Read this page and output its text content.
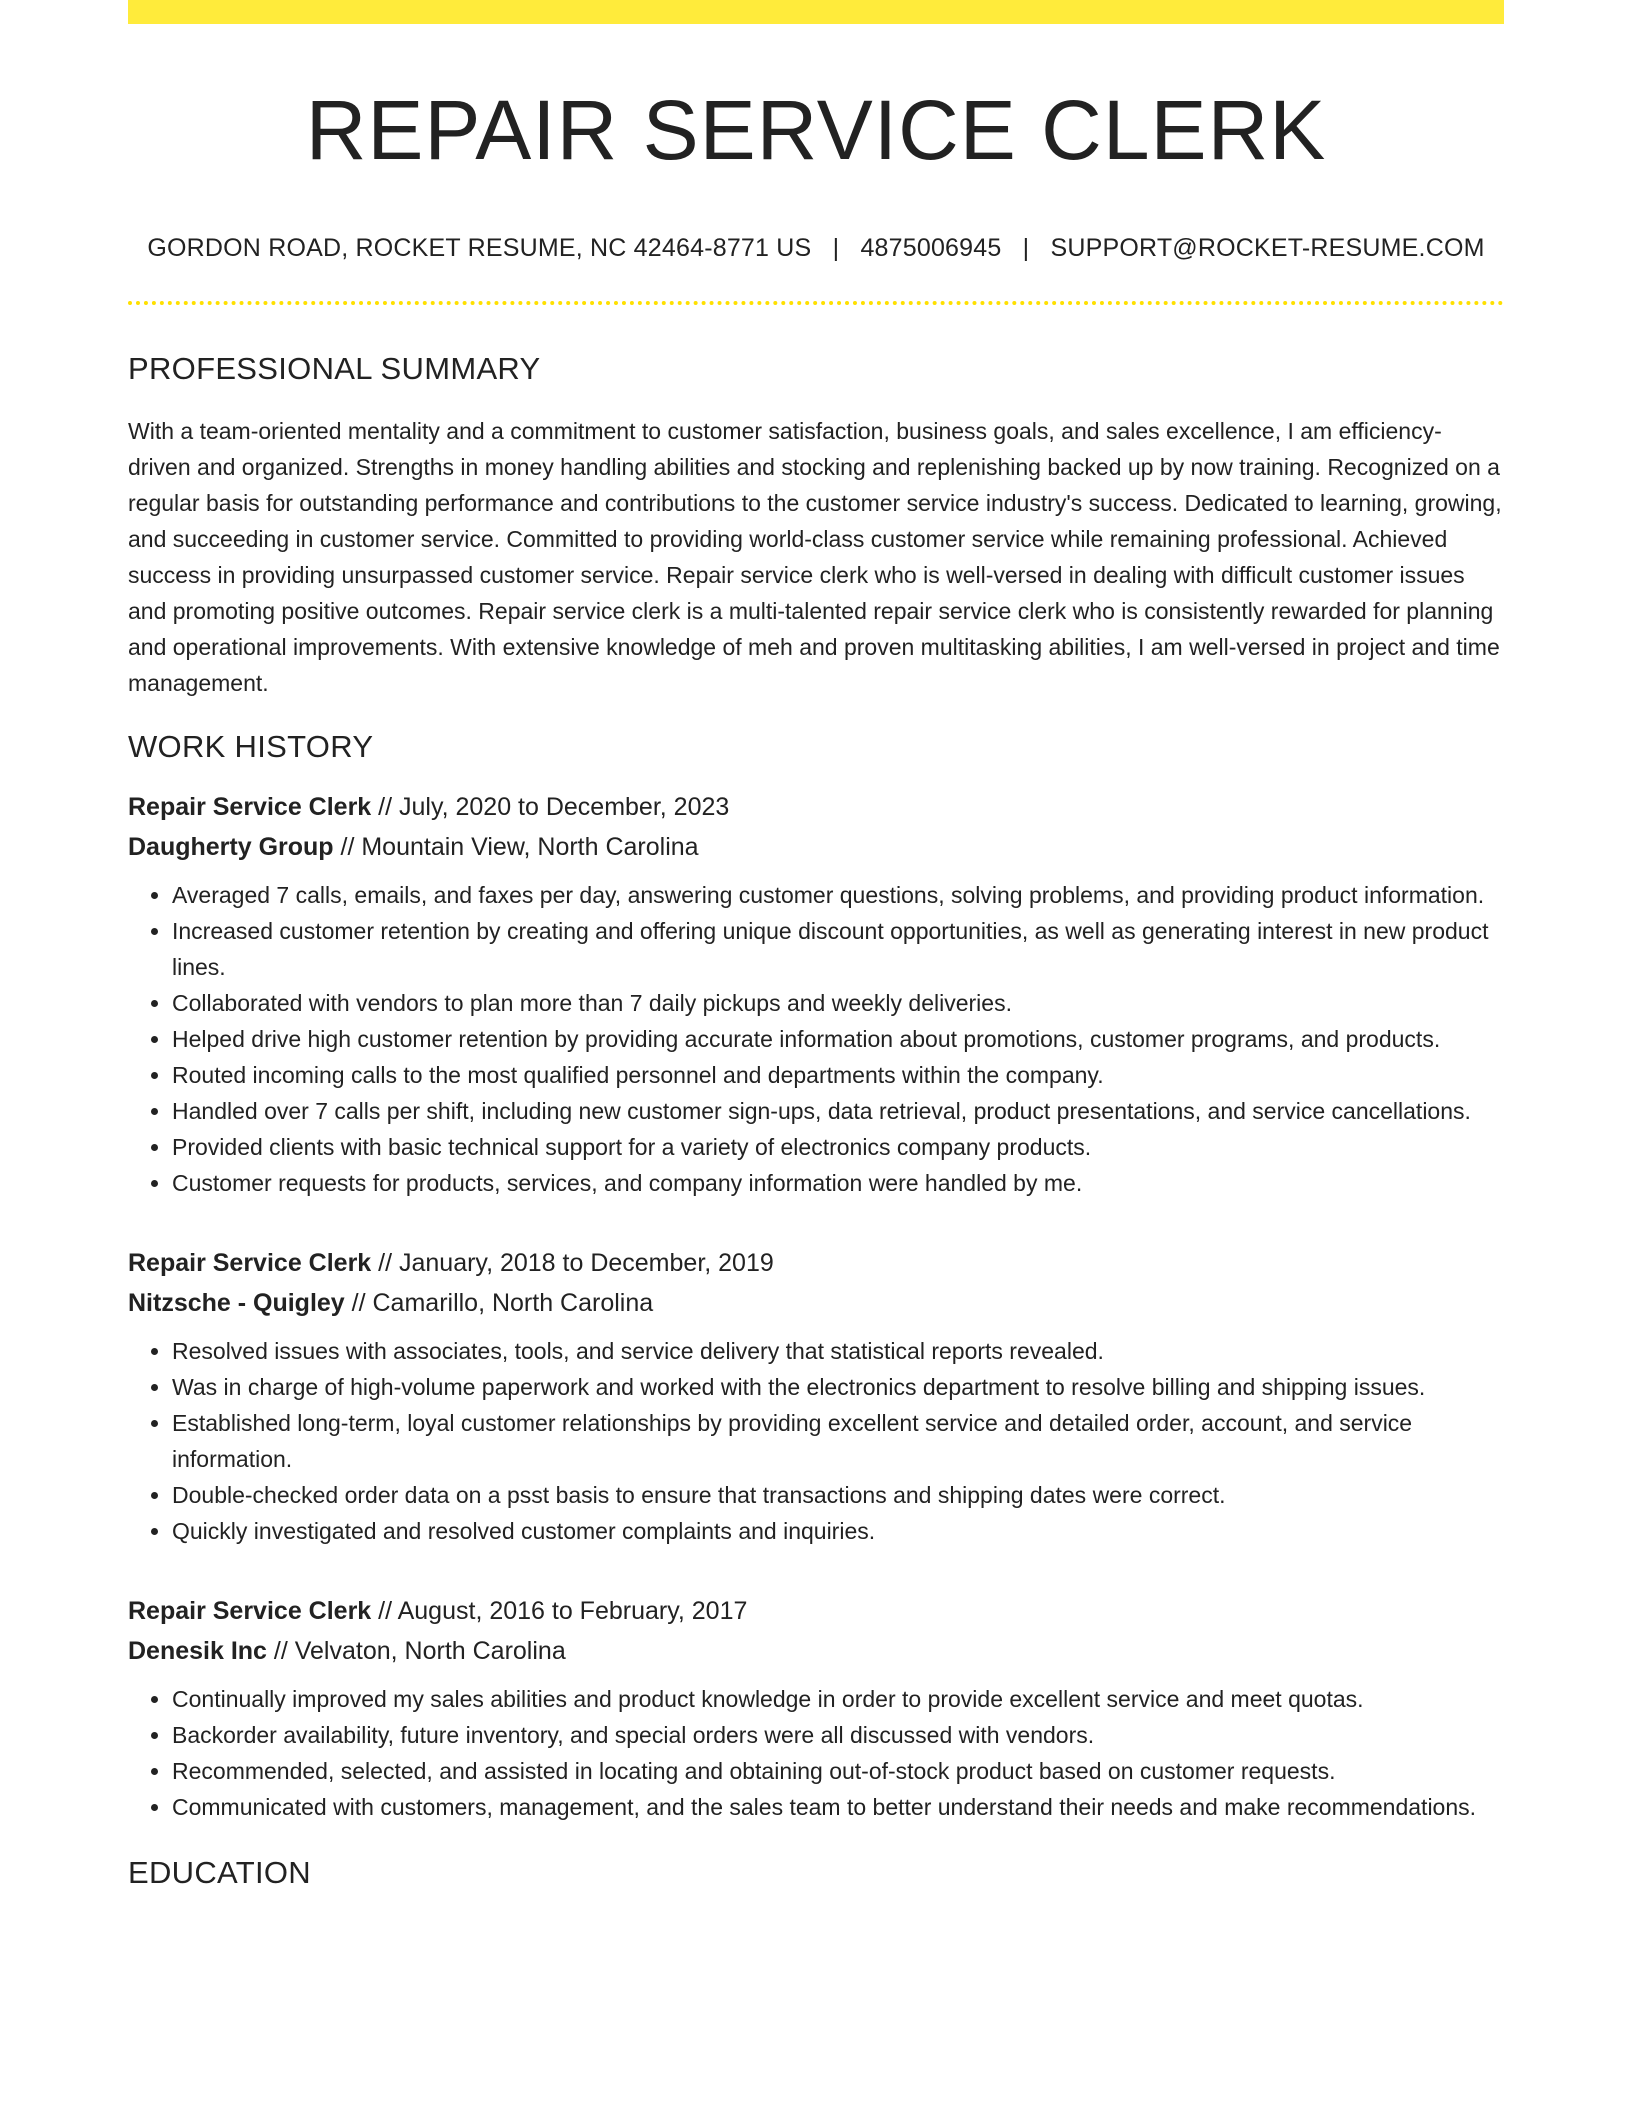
REPAIR SERVICE CLERK
GORDON ROAD, ROCKET RESUME, NC 42464-8771 US | 4875006945 | SUPPORT@ROCKET-RESUME.COM
PROFESSIONAL SUMMARY
With a team-oriented mentality and a commitment to customer satisfaction, business goals, and sales excellence, I am efficiency-driven and organized. Strengths in money handling abilities and stocking and replenishing backed up by now training. Recognized on a regular basis for outstanding performance and contributions to the customer service industry's success. Dedicated to learning, growing, and succeeding in customer service. Committed to providing world-class customer service while remaining professional. Achieved success in providing unsurpassed customer service. Repair service clerk who is well-versed in dealing with difficult customer issues and promoting positive outcomes. Repair service clerk is a multi-talented repair service clerk who is consistently rewarded for planning and operational improvements. With extensive knowledge of meh and proven multitasking abilities, I am well-versed in project and time management.
WORK HISTORY
Repair Service Clerk // July, 2020 to December, 2023
Daugherty Group // Mountain View, North Carolina
• Averaged 7 calls, emails, and faxes per day, answering customer questions, solving problems, and providing product information.
• Increased customer retention by creating and offering unique discount opportunities, as well as generating interest in new product lines.
• Collaborated with vendors to plan more than 7 daily pickups and weekly deliveries.
• Helped drive high customer retention by providing accurate information about promotions, customer programs, and products.
• Routed incoming calls to the most qualified personnel and departments within the company.
• Handled over 7 calls per shift, including new customer sign-ups, data retrieval, product presentations, and service cancellations.
• Provided clients with basic technical support for a variety of electronics company products.
• Customer requests for products, services, and company information were handled by me.
Repair Service Clerk // January, 2018 to December, 2019
Nitzsche - Quigley // Camarillo, North Carolina
• Resolved issues with associates, tools, and service delivery that statistical reports revealed.
• Was in charge of high-volume paperwork and worked with the electronics department to resolve billing and shipping issues.
• Established long-term, loyal customer relationships by providing excellent service and detailed order, account, and service information.
• Double-checked order data on a psst basis to ensure that transactions and shipping dates were correct.
• Quickly investigated and resolved customer complaints and inquiries.
Repair Service Clerk // August, 2016 to February, 2017
Denesik Inc // Velvaton, North Carolina
• Continually improved my sales abilities and product knowledge in order to provide excellent service and meet quotas.
• Backorder availability, future inventory, and special orders were all discussed with vendors.
• Recommended, selected, and assisted in locating and obtaining out-of-stock product based on customer requests.
• Communicated with customers, management, and the sales team to better understand their needs and make recommendations.
EDUCATION
